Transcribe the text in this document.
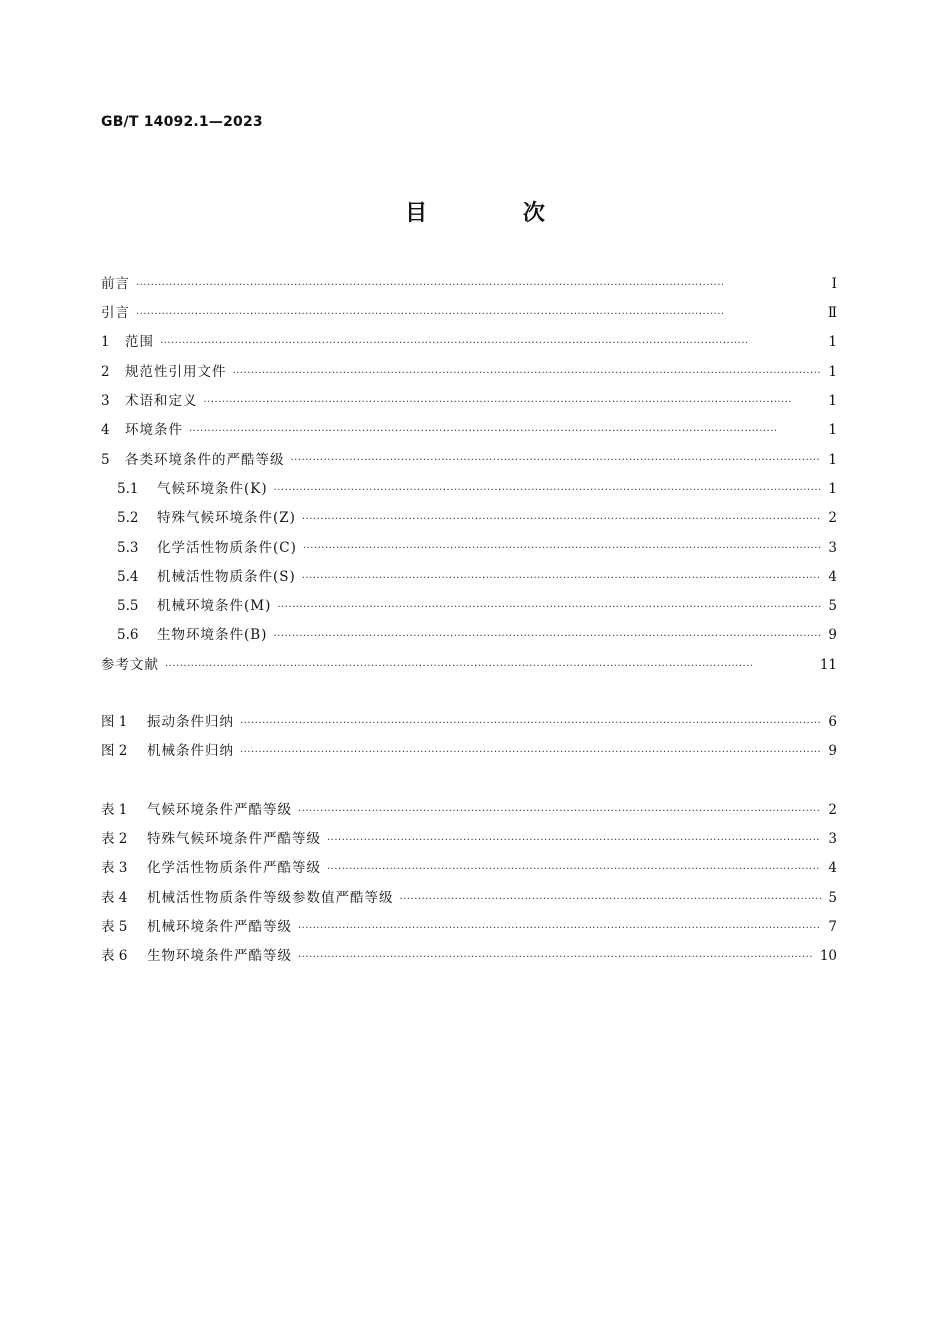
GB/T 14092.1—2023
目 次
前言 ·····	Ⅰ
引言 ·····	Ⅱ
1	范围 ·····	1
2	规范性引用文件 ·····	1
3	术语和定义 ·····	1
4	环境条件 ·····	1
5	各类环境条件的严酷等级 ·····	1
5.1	气候环境条件(K) ·····	1
5.2	特殊气候环境条件(Z) ·····	2
5.3	化学活性物质条件(C) ·····	3
5.4	机械活性物质条件(S) ·····	4
5.5	机械环境条件(M) ·····	5
5.6	生物环境条件(B) ·····	9
参考文献 ·····	11
图 1	振动条件归纳 ·····	6
图 2	机械条件归纳 ·····	9
表 1	气候环境条件严酷等级 ·····	2
表 2	特殊气候环境条件严酷等级 ·····	3
表 3	化学活性物质条件严酷等级 ·····	4
表 4	机械活性物质条件等级参数值严酷等级 ·····	5
表 5	机械环境条件严酷等级 ·····	7
表 6	生物环境条件严酷等级 ·····	10
